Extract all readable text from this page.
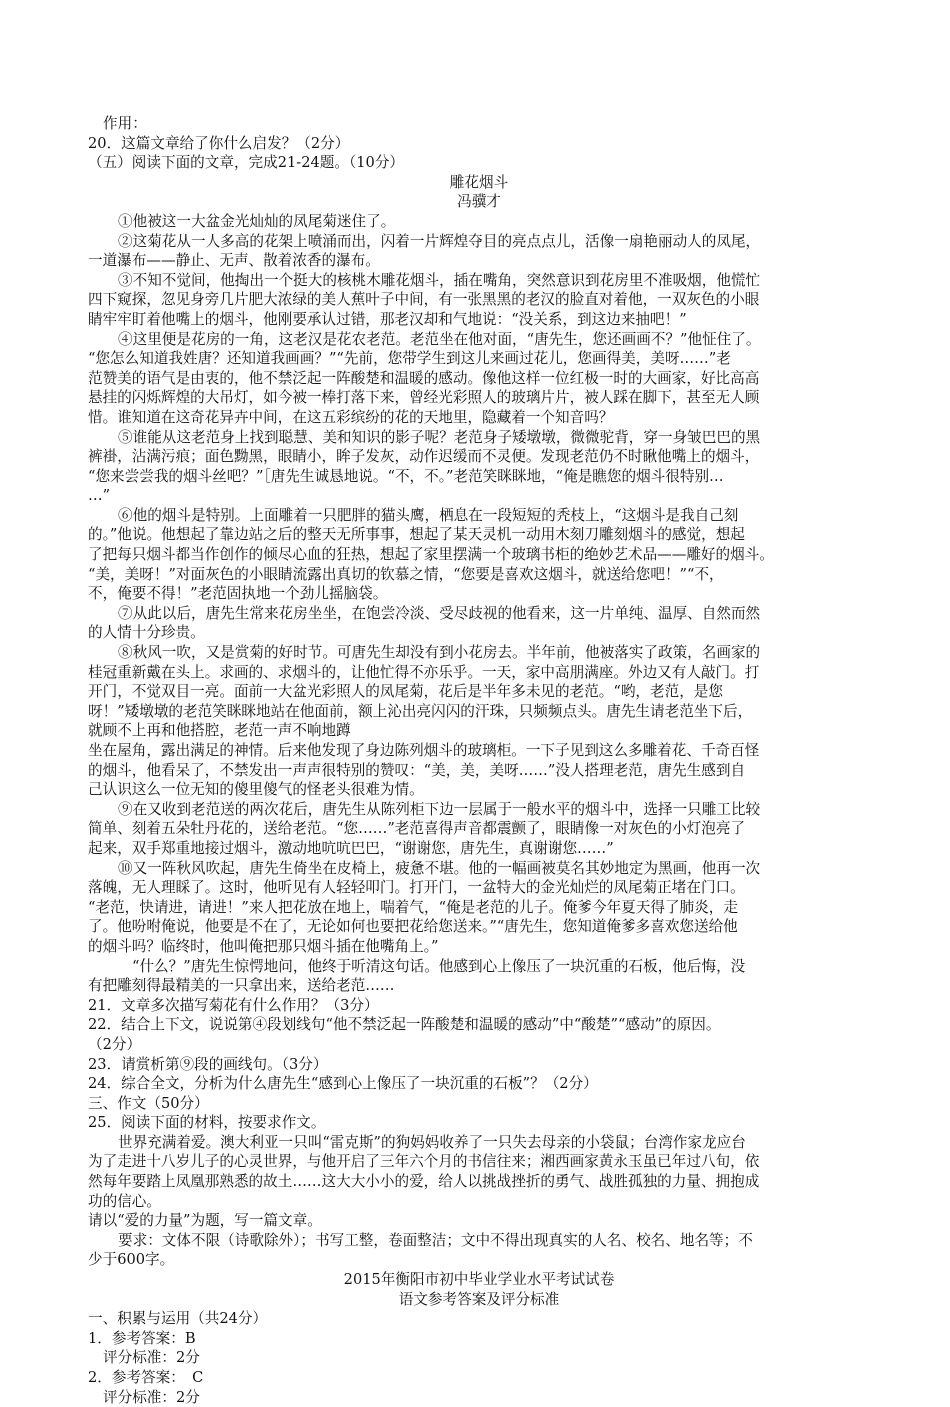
作用：
20．这篇文章给了你什么启发？（2分）
（五）阅读下面的文章，完成21-24题。（10分）
雕花烟斗
冯骥才
①他被这一大盆金光灿灿的凤尾菊迷住了。
②这菊花从一人多高的花架上喷涌而出，闪着一片辉煌夺目的亮点点儿，活像一扇艳丽动人的凤尾，
一道瀑布——静止、无声、散着浓香的瀑布。
③不知不觉间，他掏出一个挺大的核桃木雕花烟斗，插在嘴角，突然意识到花房里不准吸烟，他慌忙
四下窥探，忽见身旁几片肥大浓绿的美人蕉叶子中间，有一张黑黑的老汉的脸直对着他，一双灰色的小眼
睛牢牢盯着他嘴上的烟斗，他刚要承认过错，那老汉却和气地说：“没关系，到这边来抽吧！”
④这里便是花房的一角，这老汉是花农老范。老范坐在他对面，“唐先生，您还画画不？”他怔住了。
“您怎么知道我姓唐？还知道我画画？”“先前，您带学生到这儿来画过花儿，您画得美，美呀……”老
范赞美的语气是由衷的，他不禁泛起一阵酸楚和温暖的感动。像他这样一位红极一时的大画家，好比高高
悬挂的闪烁辉煌的大吊灯，如今被一棒打落下来，曾经光彩照人的玻璃片片，被人踩在脚下，甚至无人顾
惜。谁知道在这奇花异卉中间，在这五彩缤纷的花的天地里，隐藏着一个知音吗？
⑤谁能从这老范身上找到聪慧、美和知识的影子呢？老范身子矮墩墩，微微驼背，穿一身皱巴巴的黑
裤褂，沾满污痕；面色黝黑，眼睛小，眸子发灰，动作迟缓而不灵便。发现老范仍不时瞅他嘴上的烟斗，
“您来尝尝我的烟斗丝吧？”［唐先生诚恳地说。“不，不。”老范笑眯眯地，“俺是瞧您的烟斗很特别…
…”
⑥他的烟斗是特别。上面雕着一只肥胖的猫头鹰，栖息在一段短短的秃枝上，“这烟斗是我自己刻
的。”他说。他想起了靠边站之后的整天无所事事，想起了某天灵机一动用木刻刀雕刻烟斗的感觉，想起
了把每只烟斗都当作创作的倾尽心血的狂热，想起了家里摆满一个玻璃书柜的绝妙艺术品——雕好的烟斗。
“美，美呀！”对面灰色的小眼睛流露出真切的钦慕之情，“您要是喜欢这烟斗，就送给您吧！”“不，
不，俺要不得！”老范固执地一个劲儿摇脑袋。
⑦从此以后，唐先生常来花房坐坐，在饱尝冷淡、受尽歧视的他看来，这一片单纯、温厚、自然而然
的人情十分珍贵。
⑧秋风一吹，又是赏菊的好时节。可唐先生却没有到小花房去。半年前，他被落实了政策，名画家的
桂冠重新戴在头上。求画的、求烟斗的，让他忙得不亦乐乎。一天，家中高朋满座。外边又有人敲门。打
开门，不觉双目一亮。面前一大盆光彩照人的凤尾菊，花后是半年多未见的老范。“哟，老范，是您
呀！”矮墩墩的老范笑眯眯地站在他面前，额上沁出亮闪闪的汗珠，只频频点头。唐先生请老范坐下后，
就顾不上再和他搭腔，老范一声不响地蹲
坐在屋角，露出满足的神情。后来他发现了身边陈列烟斗的玻璃柜。一下子见到这么多雕着花、千奇百怪
的烟斗，他看呆了，不禁发出一声声很特别的赞叹：“美，美，美呀……”没人搭理老范，唐先生感到自
己认识这么一位无知的傻里傻气的怪老头很难为情。
⑨在又收到老范送的两次花后，唐先生从陈列柜下边一层属于一般水平的烟斗中，选择一只雕工比较
简单、刻着五朵牡丹花的，送给老范。“您……”老范喜得声音都震颤了，眼睛像一对灰色的小灯泡亮了
起来，双手郑重地接过烟斗，激动地吭吭巴巴，“谢谢您，唐先生，真谢谢您……”
⑩又一阵秋风吹起，唐先生倚坐在皮椅上，疲惫不堪。他的一幅画被莫名其妙地定为黑画，他再一次
落魄，无人理睬了。这时，他听见有人轻轻叩门。打开门，一盆特大的金光灿烂的凤尾菊正堵在门口。
“老范，快请进，请进！”来人把花放在地上，喘着气，“俺是老范的儿子。俺爹今年夏天得了肺炎，走
了。他吩咐俺说，他要是不在了，无论如何也要把花给您送来。”“唐先生，您知道俺爹多喜欢您送给他
的烟斗吗？临终时，他叫俺把那只烟斗插在他嘴角上。”
“什么？”唐先生惊愕地问，他终于听清这句话。他感到心上像压了一块沉重的石板，他后悔，没
有把雕刻得最精美的一只拿出来，送给老范……
21．文章多次描写菊花有什么作用？（3分）
22．结合上下文，说说第④段划线句“他不禁泛起一阵酸楚和温暖的感动”中“酸楚”“感动”的原因。
（2分）
23．请赏析第⑨段的画线句。（3分）
24．综合全文，分析为什么唐先生“感到心上像压了一块沉重的石板”？（2分）
三、作文（50分）
25．阅读下面的材料，按要求作文。
世界充满着爱。澳大利亚一只叫“雷克斯”的狗妈妈收养了一只失去母亲的小袋鼠；台湾作家龙应台
为了走进十八岁儿子的心灵世界，与他开启了三年六个月的书信往来；湘西画家黄永玉虽已年过八旬，依
然每年要踏上凤凰那熟悉的故土……这大大小小的爱，给人以挑战挫折的勇气、战胜孤独的力量、拥抱成
功的信心。
请以“爱的力量”为题，写一篇文章。
要求：文体不限（诗歌除外）；书写工整，卷面整洁；文中不得出现真实的人名、校名、地名等；不
少于600字。
2015年衡阳市初中毕业学业水平考试试卷
语文参考答案及评分标准
一、积累与运用（共24分）
1．参考答案：B
评分标准：2分
2．参考答案：　C
评分标准：2分
